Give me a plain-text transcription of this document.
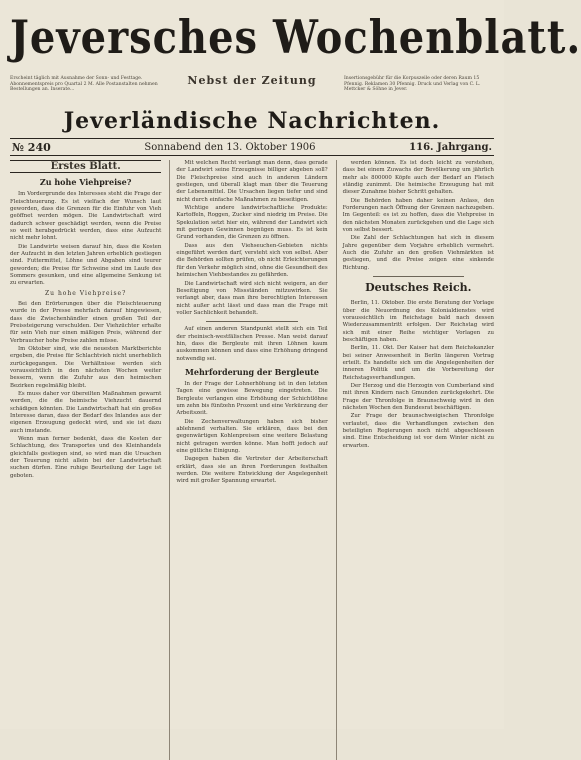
Jeversches Wochenblatt.
Erscheint täglich mit Ausnahme der Sonn- und Festtage. Abonnementspreis pro Quartal 2 M. Alle Postanstalten nehmen Bestellungen an. Inserate...
Nebst der Zeitung	Insertionsgebühr für die Korpuszeile oder deren Raum 15 Pfennig. Reklamen 30 Pfennig. Druck und Verlag von C. L. Mettcker & Söhne in Jever.
Jeverländische Nachrichten.
№ 240	Sonnabend den 13. Oktober 1906	116. Jahrgang.
Erstes Blatt.
Zu hohe Viehpreise?

Im Vordergrunde des Interesses steht die Frage der Fleischteuerung. Es ist vielfach der Wunsch laut geworden, dass die Grenzen für die Einfuhr von Vieh geöffnet werden mögen. Die Landwirtschaft wird dadurch schwer geschädigt werden, wenn die Preise so weit herabgedrückt werden, dass eine Aufzucht nicht mehr lohnt.

Die Landwirte weisen darauf hin, dass die Kosten der Aufzucht in den letzten Jahren erheblich gestiegen sind. Futtermittel, Löhne und Abgaben sind teurer geworden; die Preise für Schweine sind im Laufe des Sommers gesunken, und eine allgemeine Senkung ist zu erwarten.

Zu hohe Viehpreise?

Bei den Erörterungen über die Fleischteuerung wurde in der Presse mehrfach darauf hingewiesen, dass die Zwischenhändler einen großen Teil der Preissteigerung verschulden. Der Viehzüchter erhalte für sein Vieh nur einen mäßigen Preis, während der Verbraucher hohe Preise zahlen müsse.

Im Oktober sind, wie die neuesten Marktberichte ergeben, die Preise für Schlachtvieh nicht unerheblich zurückgegangen. Die Verhältnisse werden sich voraussichtlich in den nächsten Wochen weiter bessern, wenn die Zufuhr aus den heimischen Bezirken regelmäßig bleibt.

Es muss daher vor übereilten Maßnahmen gewarnt werden, die die heimische Viehzucht dauernd schädigen könnten. Die Landwirtschaft hat ein großes Interesse daran, dass der Bedarf des Inlandes aus der eigenen Erzeugung gedeckt wird, und sie ist dazu auch imstande.

Wenn man ferner bedenkt, dass die Kosten der Schlachtung, des Transportes und des Kleinhandels gleichfalls gestiegen sind, so wird man die Ursachen der Teuerung nicht allein bei der Landwirtschaft suchen dürfen. Eine ruhige Beurteilung der Lage ist geboten.

Mit welchen Recht verlangt man denn, dass gerade der Landwirt seine Erzeugnisse billiger abgeben soll? Die Fleischpreise sind auch in anderen Ländern gestiegen, und überall klagt man über die Teuerung der Lebensmittel. Die Ursachen liegen tiefer und sind nicht durch einfache Maßnahmen zu beseitigen.

Wichtige andere landwirtschaftliche Produkte: Kartoffeln, Roggen, Zucker sind niedrig im Preise. Die Spekulation setzt hier ein, während der Landwirt sich mit geringen Gewinnen begnügen muss. Es ist kein Grund vorhanden, die Grenzen zu öffnen.

Dass aus den Viehseuchen-Gebieten nichts eingeführt werden darf, versteht sich von selbst. Aber die Behörden sollten prüfen, ob nicht Erleichterungen für den Verkehr möglich sind, ohne die Gesundheit des heimischen Viehbestandes zu gefährden.

Die Landwirtschaft wird sich nicht weigern, an der Beseitigung von Missständen mitzuwirken. Sie verlangt aber, dass man ihre berechtigten Interessen nicht außer acht lässt und dass man die Frage mit voller Sachlichkeit behandelt.

Auf einen anderen Standpunkt stellt sich ein Teil der rheinisch-westfälischen Presse. Man weist darauf hin, dass die Bergleute mit ihren Löhnen kaum auskommen können und dass eine Erhöhung dringend notwendig sei.

Mehrforderung der Bergleute

In der Frage der Lohnerhöhung ist in den letzten Tagen eine gewisse Bewegung eingetreten. Die Bergleute verlangen eine Erhöhung der Schichtlöhne um zehn bis fünfzehn Prozent und eine Verkürzung der Arbeitszeit.

Die Zechenverwaltungen haben sich bisher ablehnend verhalten. Sie erklären, dass bei den gegenwärtigen Kohlenpreisen eine weitere Belastung nicht getragen werden könne. Man hofft jedoch auf eine gütliche Einigung.

Dagegen haben die Vertreter der Arbeiterschaft erklärt, dass sie an ihren Forderungen festhalten werden. Die weitere Entwicklung der Angelegenheit wird mit großer Spannung erwartet.

werden können. Es ist doch leicht zu verstehen, dass bei einem Zuwachs der Bevölkerung um jährlich mehr als 800000 Köpfe auch der Bedarf an Fleisch ständig zunimmt. Die heimische Erzeugung hat mit dieser Zunahme bisher Schritt gehalten.

Die Behörden haben daher keinen Anlass, den Forderungen nach Öffnung der Grenzen nachzugeben. Im Gegenteil: es ist zu hoffen, dass die Viehpreise in den nächsten Monaten zurückgehen und die Lage sich von selbst bessert.

Die Zahl der Schlachtungen hat sich in diesem Jahre gegenüber dem Vorjahre erheblich vermehrt. Auch die Zufuhr an den großen Viehmärkten ist gestiegen, und die Preise zeigen eine sinkende Richtung.

Deutsches Reich.

Berlin, 11. Oktober. Die erste Beratung der Vorlage über die Neuordnung des Kolonialdienstes wird voraussichtlich im Reichstage bald nach dessen Wiederzusammentritt erfolgen. Der Reichstag wird sich mit einer Reihe wichtiger Vorlagen zu beschäftigen haben.

Berlin, 11. Okt. Der Kaiser hat dem Reichskanzler bei seiner Anwesenheit in Berlin längeren Vortrag erteilt. Es handelte sich um die Angelegenheiten der inneren Politik und um die Vorbereitung der Reichstagsverhandlungen.

Der Herzog und die Herzogin von Cumberland sind mit ihren Kindern nach Gmunden zurückgekehrt. Die Frage der Thronfolge in Braunschweig wird in den nächsten Wochen den Bundesrat beschäftigen.

Zur Frage der braunschweigischen Thronfolge verlautet, dass die Verhandlungen zwischen den beteiligten Regierungen noch nicht abgeschlossen sind. Eine Entscheidung ist vor dem Winter nicht zu erwarten.
